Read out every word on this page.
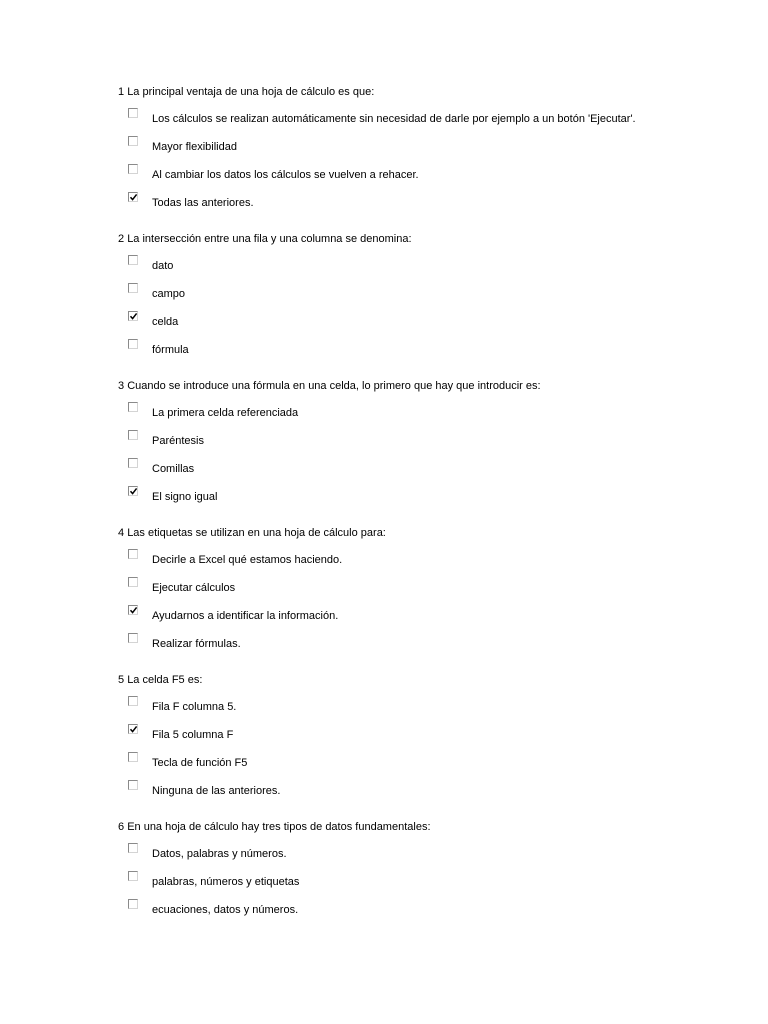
1 La principal ventaja de una hoja de cálculo es que:
Los cálculos se realizan automáticamente sin necesidad de darle por ejemplo a un botón 'Ejecutar'.
Mayor flexibilidad
Al cambiar los datos los cálculos se vuelven a rehacer.
Todas las anteriores.
2 La intersección entre una fila y una columna se denomina:
dato
campo
celda
fórmula
3 Cuando se introduce una fórmula en una celda, lo primero que hay que introducir es:
La primera celda referenciada
Paréntesis
Comillas
El signo igual
4 Las etiquetas se utilizan en una hoja de cálculo para:
Decirle a Excel qué estamos haciendo.
Ejecutar cálculos
Ayudarnos a identificar la información.
Realizar fórmulas.
5 La celda F5 es:
Fila F columna 5.
Fila 5 columna F
Tecla de función F5
Ninguna de las anteriores.
6 En una hoja de cálculo hay tres tipos de datos fundamentales:
Datos, palabras y números.
palabras, números y etiquetas
ecuaciones, datos y números.
